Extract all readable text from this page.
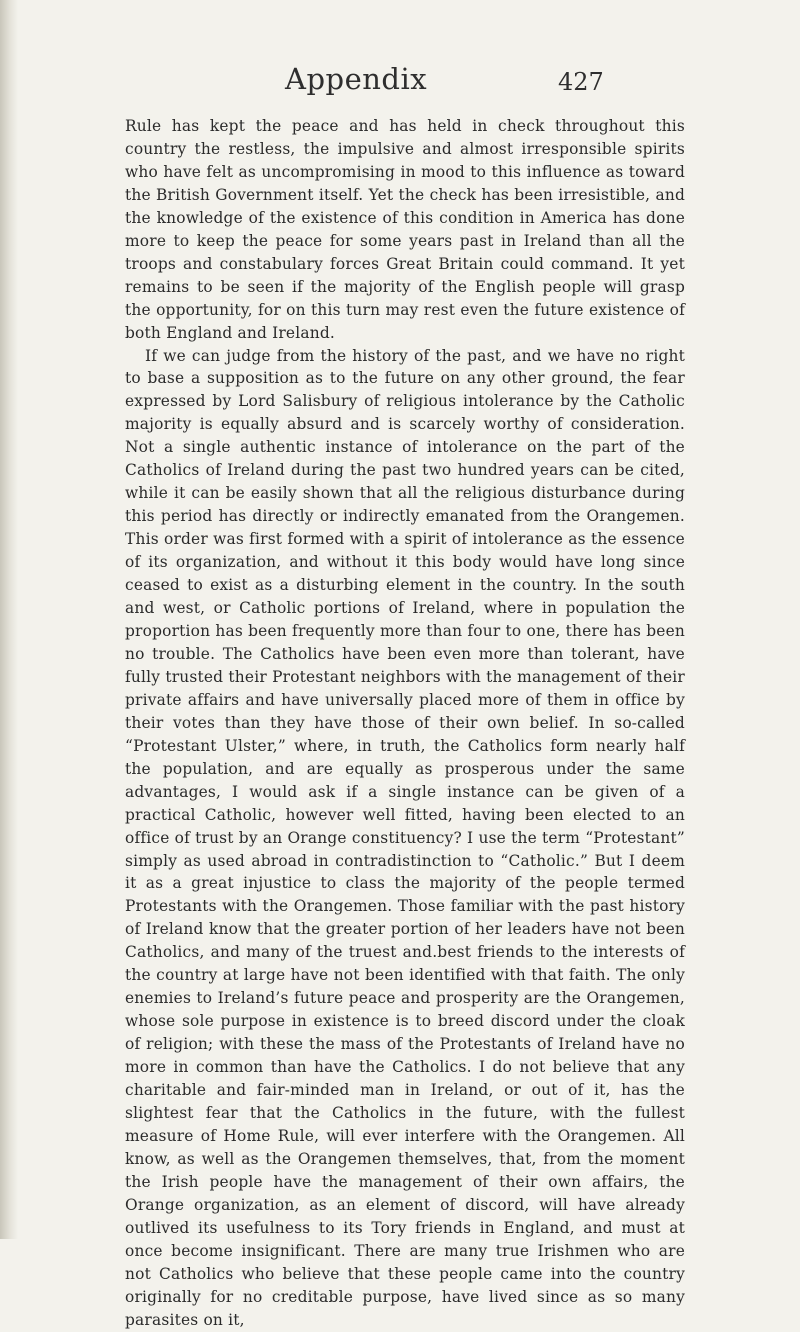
Appendix	427

Rule has kept the peace and has held in check throughout this country the restless, the impulsive and almost irresponsible spirits who have felt as uncompromising in mood to this influence as toward the British Government itself. Yet the check has been irresistible, and the knowledge of the existence of this condition in America has done more to keep the peace for some years past in Ireland than all the troops and constabulary forces Great Britain could command. It yet remains to be seen if the majority of the English people will grasp the opportunity, for on this turn may rest even the future existence of both England and Ireland.

If we can judge from the history of the past, and we have no right to base a supposition as to the future on any other ground, the fear expressed by Lord Salisbury of religious intolerance by the Catholic majority is equally absurd and is scarcely worthy of consideration. Not a single authentic instance of intolerance on the part of the Catholics of Ireland during the past two hundred years can be cited, while it can be easily shown that all the religious disturbance during this period has directly or indirectly emanated from the Orangemen. This order was first formed with a spirit of intolerance as the essence of its organization, and without it this body would have long since ceased to exist as a disturbing element in the country. In the south and west, or Catholic portions of Ireland, where in population the proportion has been frequently more than four to one, there has been no trouble. The Catholics have been even more than tolerant, have fully trusted their Protestant neighbors with the management of their private affairs and have universally placed more of them in office by their votes than they have those of their own belief. In so-called “Protestant Ulster,” where, in truth, the Catholics form nearly half the population, and are equally as prosperous under the same advantages, I would ask if a single instance can be given of a practical Catholic, however well fitted, having been elected to an office of trust by an Orange constituency? I use the term “Protestant” simply as used abroad in contradistinction to “Catholic.” But I deem it as a great injustice to class the majority of the people termed Protestants with the Orangemen. Those familiar with the past history of Ireland know that the greater portion of her leaders have not been Catholics, and many of the truest and.best friends to the interests of the country at large have not been identified with that faith. The only enemies to Ireland’s future peace and prosperity are the Orangemen, whose sole purpose in existence is to breed discord under the cloak of religion; with these the mass of the Protestants of Ireland have no more in common than have the Catholics. I do not believe that any charitable and fair-minded man in Ireland, or out of it, has the slightest fear that the Catholics in the future, with the fullest measure of Home Rule, will ever interfere with the Orangemen. All know, as well as the Orangemen themselves, that, from the moment the Irish people have the management of their own affairs, the Orange organization, as an element of discord, will have already outlived its usefulness to its Tory friends in England, and must at once become insignificant. There are many true Irishmen who are not Catholics who believe that these people came into the country originally for no creditable purpose, have lived since as so many parasites on it,
